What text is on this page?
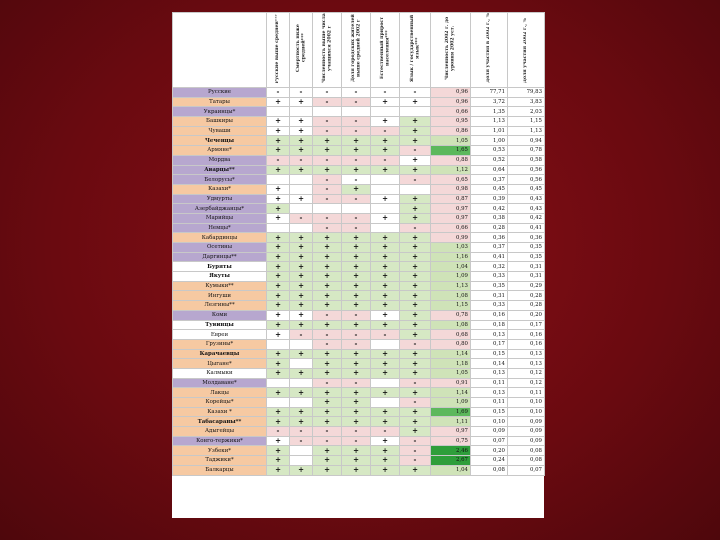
	Русские выше средней***	Смертность ниже средней***	Численность выше числа учащихся 2002 г	Доля городских жителей выше средней 2002 г	Естественный прирост населения***	Язык / государственный язык***	Численность 2002 г. до уровня 2002 уст.	Доля участия в 2002 г., %	Доля участия 2002 г., %
Русские	-	-	-	-	-	-	0,96	77,71	79,83
Татары	+	+	-	-	+	+	0,96	3,72	3,83
Украинцы*							0,66	1,35	2,03
Башкиры	+	+	-	-	+	+	0,95	1,13	1,15
Чуваши	+	+	-	-	-	+	0,86	1,01	1,13
Чеченцы	+	+	+	+	+	+	1,05	1,00	0,94
Армяне*	+	+	+	+	+	-	1,65	0,53	0,78
Мордва	-	-	-	-	-	+	0,88	0,52	0,58
Аварцы**	+	+	+	+	+	+	1,12	0,64	0,56
Белорусы*			-	-		-	0,65	0,37	0,56
Казахи*	+		-	+			0,98	0,45	0,45
Удмурты	+	+	-	-	+	+	0,87	0,39	0,43
Азербайджанцы*	+					+	0,97	0,42	0,43
Марийцы	+	-	-	-	+	+	0,97	0,38	0,42
Немцы*			-	-		-	0,66	0,28	0,41
Кабардинцы	+	+	+	+	+	+	0,99	0,36	0,36
Осетины	+	+	+	+	+	+	1,03	0,37	0,35
Даргинцы**	+	+	+	+	+	+	1,16	0,41	0,35
Буряты	+	+	+	+	+	+	1,04	0,32	0,31
Якуты	+	+	+	+	+	+	1,09	0,33	0,31
Кумыки**	+	+	+	+	+	+	1,13	0,35	0,29
Ингуши	+	+	+	+	+	+	1,08	0,31	0,28
Лезгины**	+	+	+	+	+	+	1,15	0,33	0,28
Коми	+	+	-	-	+	+	0,78	0,16	0,20
Тувинцы	+	+	+	+	+	+	1,08	0,18	0,17
Евреи	+	-	-	-	-	+	0,68	0,13	0,16
Грузины*			-	-		-	0,80	0,17	0,16
Карачаевцы	+	+	+	+	+	+	1,14	0,15	0,13
Цыгане*	+		+	+	+	+	1,18	0,14	0,13
Калмыки	+	+	+	+	+	+	1,05	0,13	0,12
Молдаване*			-	-		-	0,91	0,11	0,12
Лакцы	+	+	+	+	+	+	1,14	0,13	0,11
Корейцы*			+	+		-	1,09	0,11	0,10
Казахи *	+	+	+	+	+	+	1,69	0,15	0,10
Табасараны**	+	+	+	+	+	+	1,11	0,10	0,09
Адыгейцы	-	-	-	-	-	+	0,97	0,09	0,09
Конго-тержики*	+	-	-	-	+	-	0,75	0,07	0,09
Узбеки*	+		+	+	+	-	2,46	0,20	0,08
Таджики*	+		+	+	+	-	2,67	0,24	0,08
Балкарцы	+	+	+	+	+	+	1,04	0,08	0,07
